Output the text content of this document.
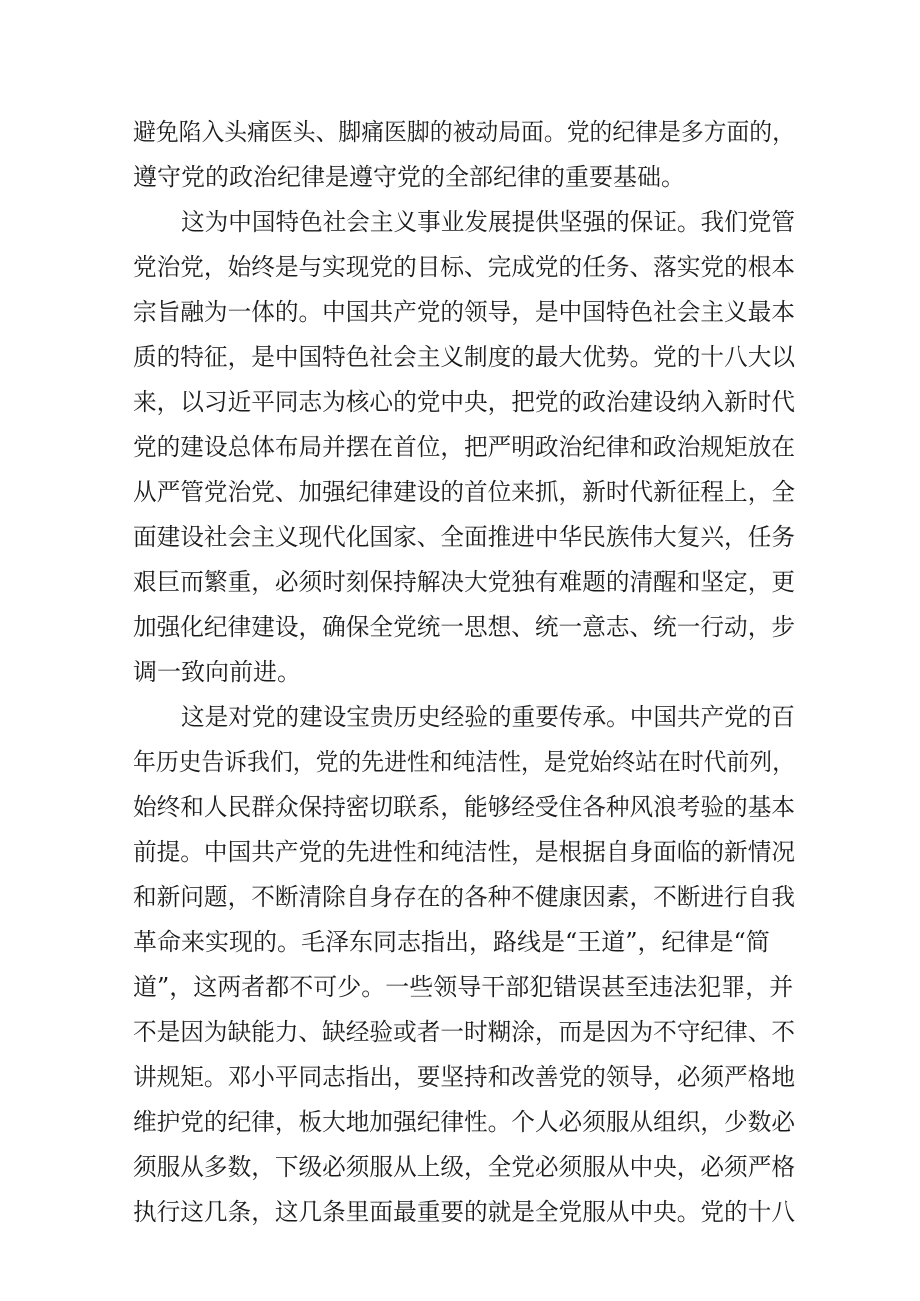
避免陷入头痛医头、脚痛医脚的被动局面。党的纪律是多方面的，
遵守党的政治纪律是遵守党的全部纪律的重要基础。
这为中国特色社会主义事业发展提供坚强的保证。我们党管
党治党，始终是与实现党的目标、完成党的任务、落实党的根本
宗旨融为一体的。中国共产党的领导，是中国特色社会主义最本
质的特征，是中国特色社会主义制度的最大优势。党的十八大以
来，以习近平同志为核心的党中央，把党的政治建设纳入新时代
党的建设总体布局并摆在首位，把严明政治纪律和政治规矩放在
从严管党治党、加强纪律建设的首位来抓，新时代新征程上，全
面建设社会主义现代化国家、全面推进中华民族伟大复兴，任务
艰巨而繁重，必须时刻保持解决大党独有难题的清醒和坚定，更
加强化纪律建设，确保全党统一思想、统一意志、统一行动，步
调一致向前进。
这是对党的建设宝贵历史经验的重要传承。中国共产党的百
年历史告诉我们，党的先进性和纯洁性，是党始终站在时代前列，
始终和人民群众保持密切联系，能够经受住各种风浪考验的基本
前提。中国共产党的先进性和纯洁性，是根据自身面临的新情况
和新问题，不断清除自身存在的各种不健康因素，不断进行自我
革命来实现的。毛泽东同志指出，路线是“王道”，纪律是“简
道”，这两者都不可少。一些领导干部犯错误甚至违法犯罪，并
不是因为缺能力、缺经验或者一时糊涂，而是因为不守纪律、不
讲规矩。邓小平同志指出，要坚持和改善党的领导，必须严格地
维护党的纪律，板大地加强纪律性。个人必须服从组织，少数必
须服从多数，下级必须服从上级，全党必须服从中央，必须严格
执行这几条，这几条里面最重要的就是全党服从中央。党的十八
